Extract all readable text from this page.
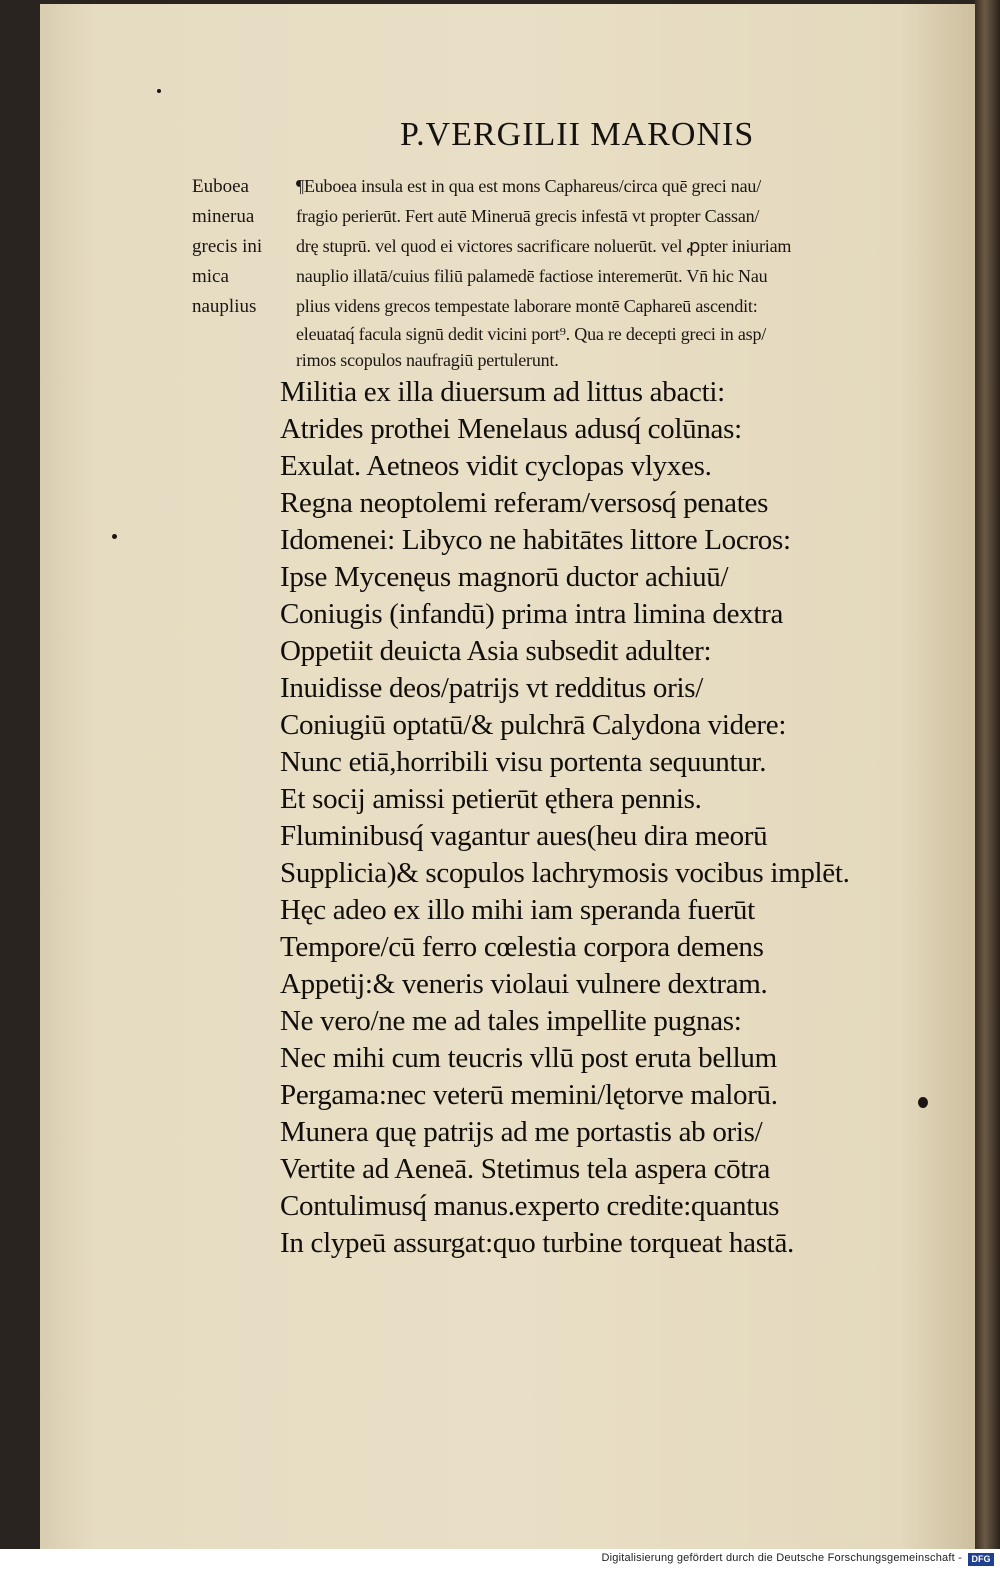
P.VERGILII MARONIS
Euboea
minerua
grecis ini
mica
nauplius
¶Euboea insula est in qua est mons Caphareus/circa quē greci nau/
fragio perierūt. Fert autē Mineruā grecis infestā vt propter Cassan/
drę stuprū. vel quod ei victores sacrificare noluerūt. vel ꝓpter iniuriam
nauplio illatā/cuius filiū palamedē factiose interemerūt. Vn̄ hic Nau
plius videns grecos tempestate laborare montē Caphareū ascendit:
eleuataq́ facula signū dedit vicini port⁹. Qua re decepti greci in asp/
rimos scopulos naufragiū pertulerunt.
Militia ex illa diuersum ad littus abacti:
Atrides prothei Menelaus adusq́ colūnas:
Exulat. Aetneos vidit cyclopas vlyxes.
Regna neoptolemi referam/versosq́ penates
Idomenei: Libyco ne habitātes littore Locros:
Ipse Mycenęus magnorū ductor achiuū/
Coniugis (infandū) prima intra limina dextra
Oppetiit deuicta Asia subsedit adulter:
Inuidisse deos/patrijs vt redditus oris/
Coniugiū optatū/& pulchrā Calydona videre:
Nunc etiā,horribili visu portenta sequuntur.
Et socij amissi petierūt ęthera pennis.
Fluminibusq́ vagantur aues(heu dira meorū
Supplicia)& scopulos lachrymosis vocibus implēt.
Hęc adeo ex illo mihi iam speranda fuerūt
Tempore/cū ferro cœlestia corpora demens
Appetij:& veneris violaui vulnere dextram.
Ne vero/ne me ad tales impellite pugnas:
Nec mihi cum teucris vllū post eruta bellum
Pergama:nec veterū memini/lętorve malorū.
Munera quę patrijs ad me portastis ab oris/
Vertite ad Aeneā. Stetimus tela aspera cōtra
Contulimusq́ manus.experto credite:quantus
In clypeū assurgat:quo turbine torqueat hastā.
Digitalisierung gefördert durch die Deutsche Forschungsgemeinschaft -	DFG
